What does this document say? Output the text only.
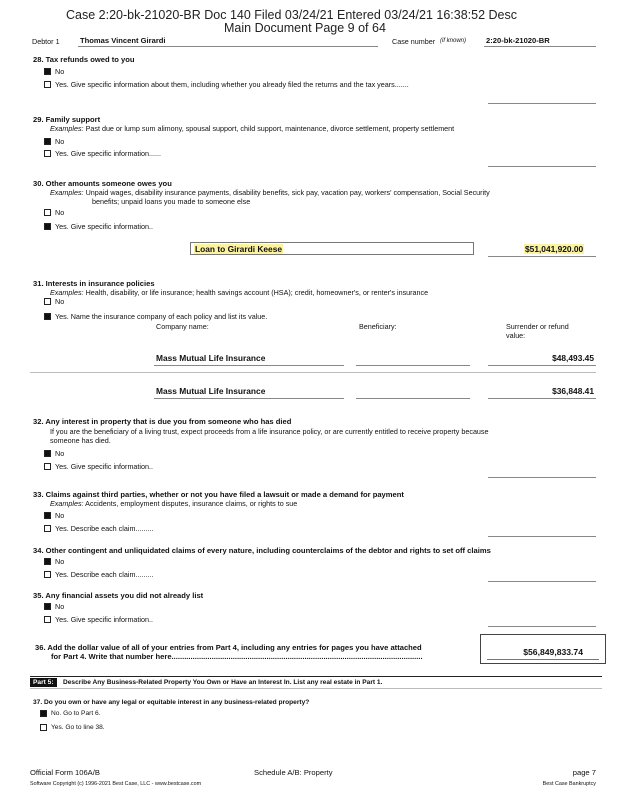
Case 2:20-bk-21020-BR Doc 140 Filed 03/24/21 Entered 03/24/21 16:38:52 Desc
Main Document Page 9 of 64
Debtor 1	Thomas Vincent Girardi	Case number (if known)	2:20-bk-21020-BR
28. Tax refunds owed to you
No
Yes. Give specific information about them, including whether you already filed the returns and the tax years.......
29. Family support
Examples: Past due or lump sum alimony, spousal support, child support, maintenance, divorce settlement, property settlement
No
Yes. Give specific information......
30. Other amounts someone owes you
Examples: Unpaid wages, disability insurance payments, disability benefits, sick pay, vacation pay, workers' compensation, Social Security
benefits; unpaid loans you made to someone else
No
Yes. Give specific information..
Loan to Girardi Keese	$51,041,920.00
31. Interests in insurance policies
Examples: Health, disability, or life insurance; health savings account (HSA); credit, homeowner's, or renter's insurance
No
Yes. Name the insurance company of each policy and list its value.
Company name:	Beneficiary:	Surrender or refund
value:
Mass Mutual Life Insurance	$48,493.45
Mass Mutual Life Insurance	$36,848.41
32. Any interest in property that is due you from someone who has died
If you are the beneficiary of a living trust, expect proceeds from a life insurance policy, or are currently entitled to receive property because
someone has died.
No
Yes. Give specific information..
33. Claims against third parties, whether or not you have filed a lawsuit or made a demand for payment
Examples: Accidents, employment disputes, insurance claims, or rights to sue
No
Yes. Describe each claim.........
34. Other contingent and unliquidated claims of every nature, including counterclaims of the debtor and rights to set off claims
No
Yes. Describe each claim.........
35. Any financial assets you did not already list
No
Yes. Give specific information..
36. Add the dollar value of all of your entries from Part 4, including any entries for pages you have attached
for Part 4. Write that number here.......................................................................................................................	$56,849,833.74
Part 5:	Describe Any Business-Related Property You Own or Have an Interest In. List any real estate in Part 1.
37. Do you own or have any legal or equitable interest in any business-related property?
No. Go to Part 6.
Yes. Go to line 38.
Official Form 106A/B	Schedule A/B: Property	page 7
Software Copyright (c) 1996-2021 Best Case, LLC - www.bestcase.com	Best Case Bankruptcy
